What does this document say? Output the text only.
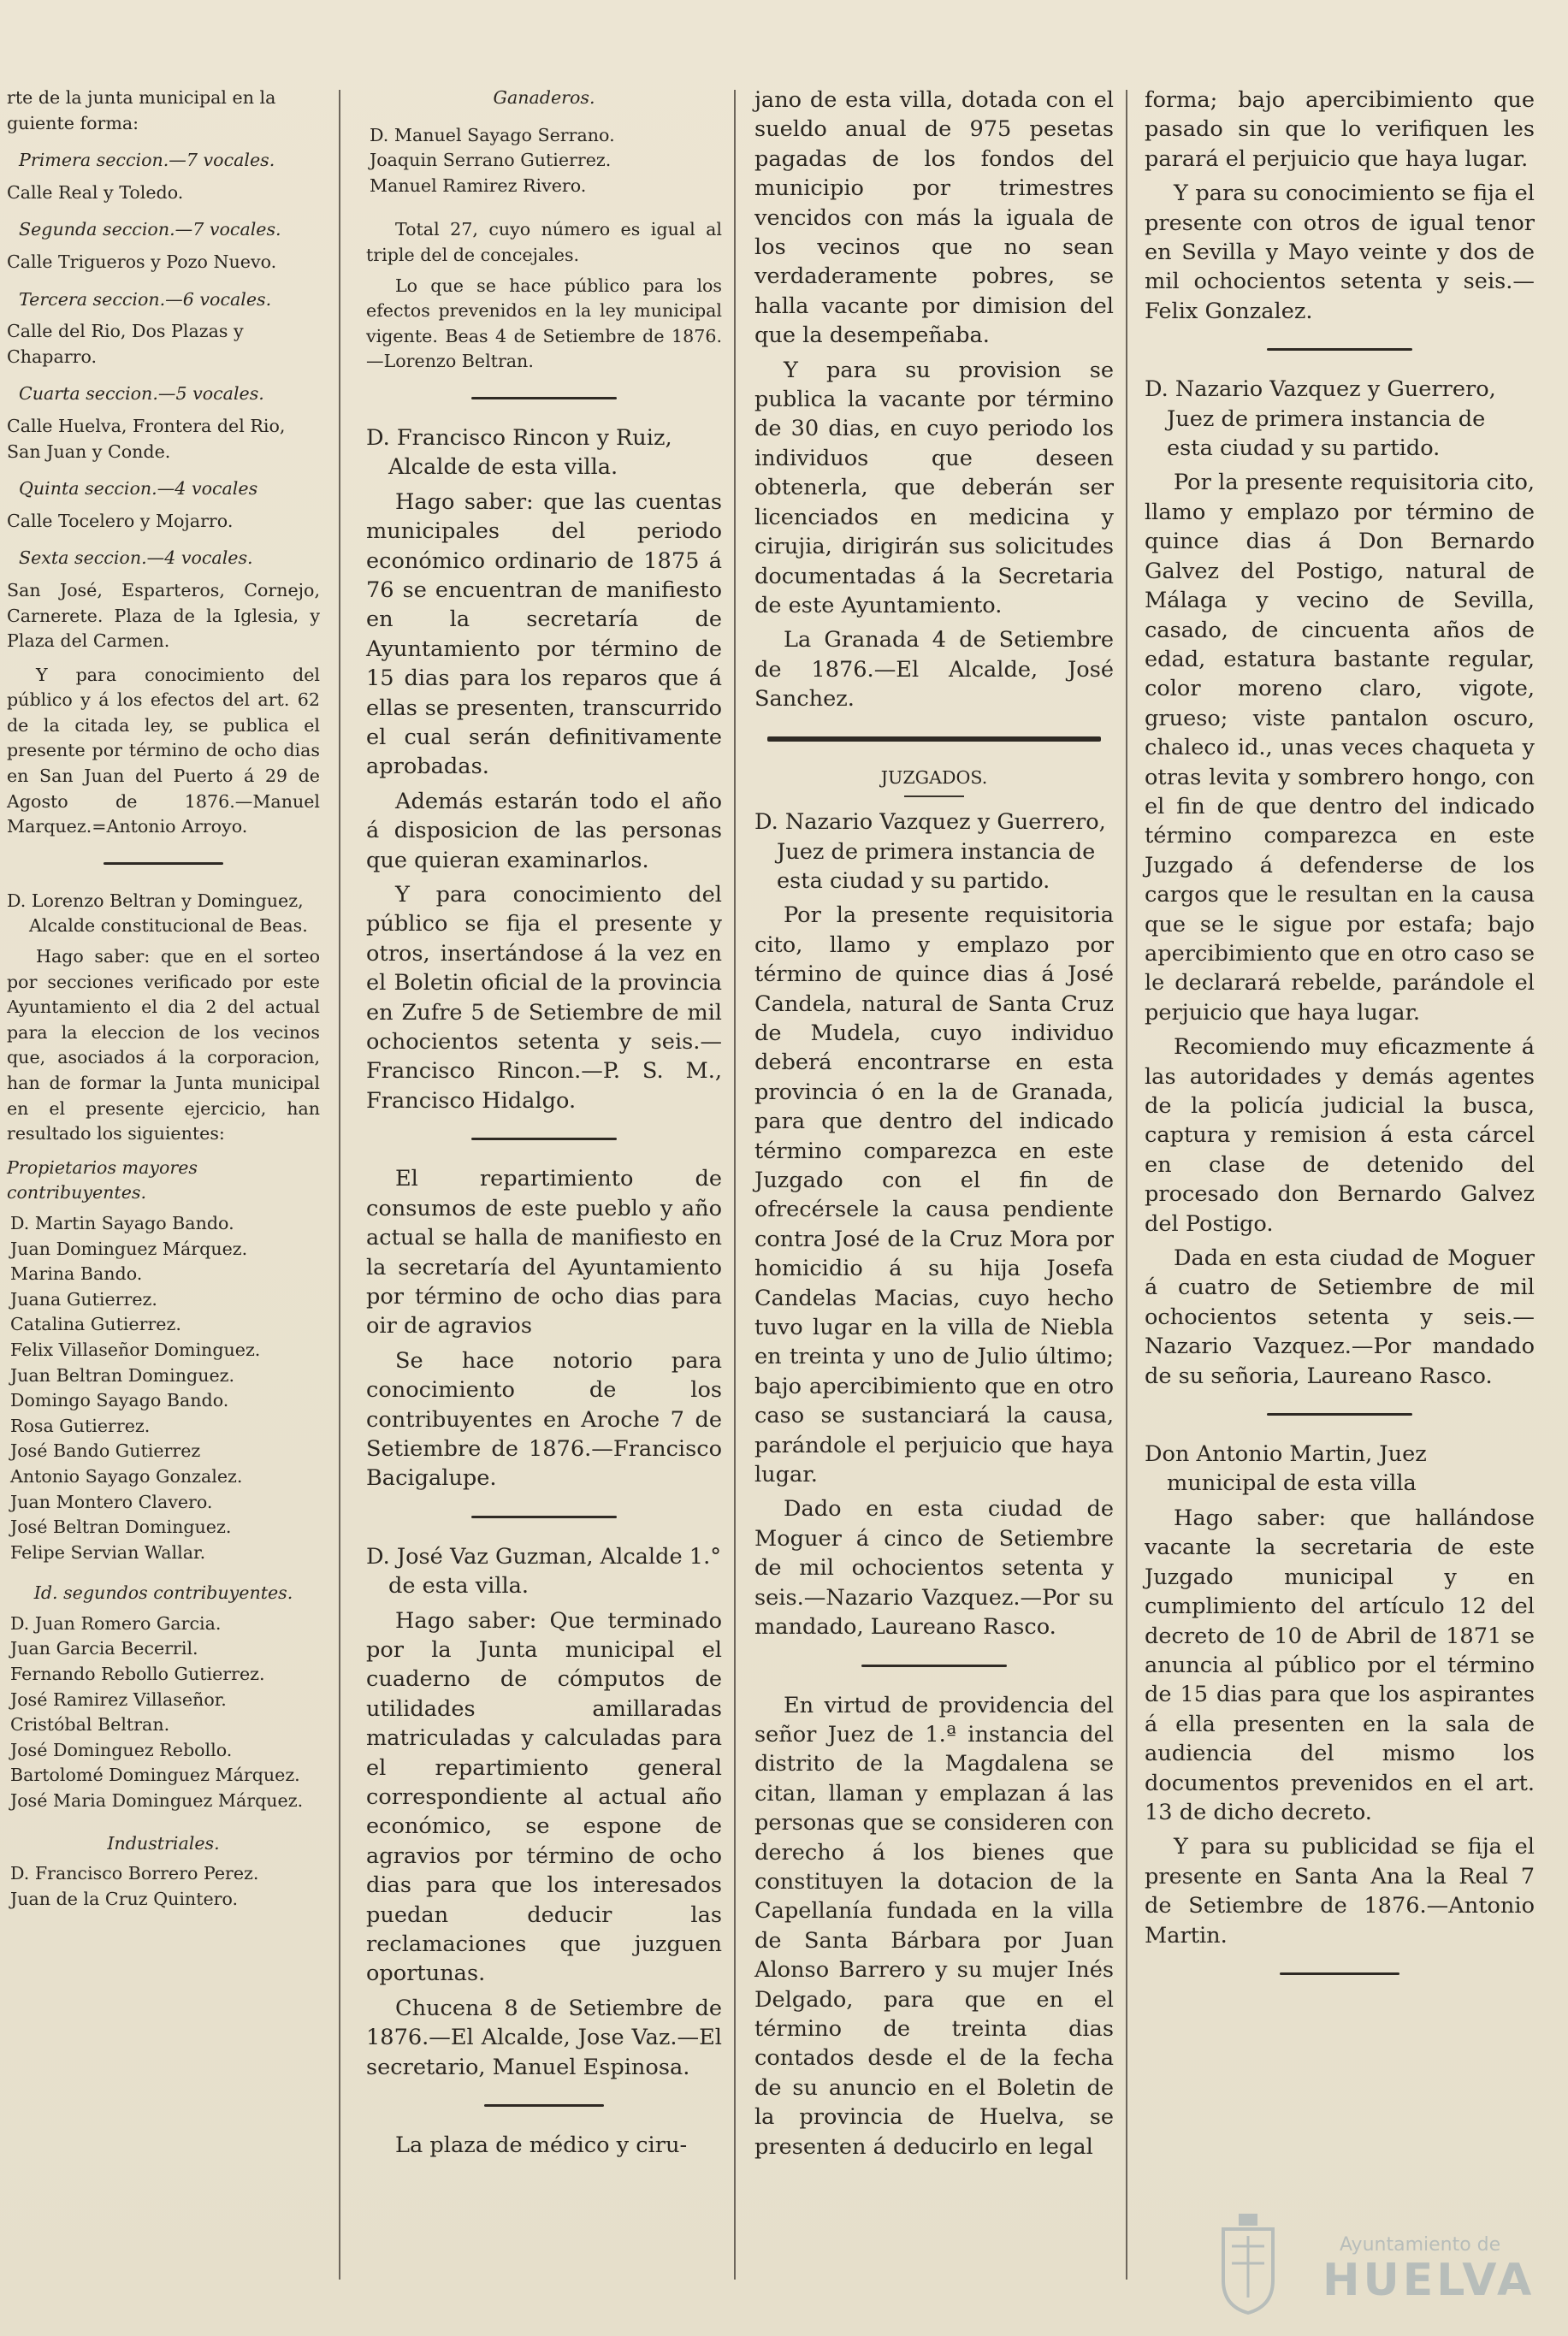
rte de la junta municipal en la guiente forma:

Primera seccion.—7 vocales.

Calle Real y Toledo.

Segunda seccion.—7 vocales.

Calle Trigueros y Pozo Nuevo.

Tercera seccion.—6 vocales.

Calle del Rio, Dos Plazas y Chaparro.

Cuarta seccion.—5 vocales.

Calle Huelva, Frontera del Rio, San Juan y Conde.

Quinta seccion.—4 vocales

Calle Tocelero y Mojarro.

Sexta seccion.—4 vocales.

San José, Esparteros, Cornejo, Carnerete. Plaza de la Iglesia, y Plaza del Carmen.

Y para conocimiento del público y á los efectos del art. 62 de la citada ley, se publica el presente por término de ocho dias en San Juan del Puerto á 29 de Agosto de 1876.—Manuel Marquez.=Antonio Arroyo.

D. Lorenzo Beltran y Dominguez, Alcalde constitucional de Beas.

Hago saber: que en el sorteo por secciones verificado por este Ayuntamiento el dia 2 del actual para la eleccion de los vecinos que, asociados á la corporacion, han de formar la Junta municipal en el presente ejercicio, han resultado los siguientes:

Propietarios mayores contribuyentes.

D. Martin Sayago Bando.

Juan Dominguez Márquez.

Marina Bando.

Juana Gutierrez.

Catalina Gutierrez.

Felix Villaseñor Dominguez.

Juan Beltran Dominguez.

Domingo Sayago Bando.

Rosa Gutierrez.

José Bando Gutierrez

Antonio Sayago Gonzalez.

Juan Montero Clavero.

José Beltran Dominguez.

Felipe Servian Wallar.

Id. segundos contribuyentes.

D. Juan Romero Garcia.

Juan Garcia Becerril.

Fernando Rebollo Gutierrez.

José Ramirez Villaseñor.

Cristóbal Beltran.

José Dominguez Rebollo.

Bartolomé Dominguez Márquez.

José Maria Dominguez Márquez.

Industriales.

D. Francisco Borrero Perez.

Juan de la Cruz Quintero.

Ganaderos.

D. Manuel Sayago Serrano.

Joaquin Serrano Gutierrez.

Manuel Ramirez Rivero.

Total 27, cuyo número es igual al triple del de concejales.

Lo que se hace público para los efectos prevenidos en la ley municipal vigente. Beas 4 de Setiembre de 1876.—Lorenzo Beltran.

D. Francisco Rincon y Ruiz, Alcalde de esta villa.

Hago saber: que las cuentas municipales del periodo económico ordinario de 1875 á 76 se encuentran de manifiesto en la secretaría de Ayuntamiento por término de 15 dias para los reparos que á ellas se presenten, transcurrido el cual serán definitivamente aprobadas.

Además estarán todo el año á disposicion de las personas que quieran examinarlos.

Y para conocimiento del público se fija el presente y otros, insertándose á la vez en el Boletin oficial de la provincia en Zufre 5 de Setiembre de mil ochocientos setenta y seis.—Francisco Rincon.—P. S. M., Francisco Hidalgo.

El repartimiento de consumos de este pueblo y año actual se halla de manifiesto en la secretaría del Ayuntamiento por término de ocho dias para oir de agravios

Se hace notorio para conocimiento de los contribuyentes en Aroche 7 de Setiembre de 1876.—Francisco Bacigalupe.

D. José Vaz Guzman, Alcalde 1.° de esta villa.

Hago saber: Que terminado por la Junta municipal el cuaderno de cómputos de utilidades amillaradas matriculadas y calculadas para el repartimiento general correspondiente al actual año económico, se espone de agravios por término de ocho dias para que los interesados puedan deducir las reclamaciones que juzguen oportunas.

Chucena 8 de Setiembre de 1876.—El Alcalde, Jose Vaz.—El secretario, Manuel Espinosa.

La plaza de médico y ciru-

jano de esta villa, dotada con el sueldo anual de 975 pesetas pagadas de los fondos del municipio por trimestres vencidos con más la iguala de los vecinos que no sean verdaderamente pobres, se halla vacante por dimision del que la desempeñaba.

Y para su provision se publica la vacante por término de 30 dias, en cuyo periodo los individuos que deseen obtenerla, que deberán ser licenciados en medicina y cirujia, dirigirán sus solicitudes documentadas á la Secretaria de este Ayuntamiento.

La Granada 4 de Setiembre de 1876.—El Alcalde, José Sanchez.

JUZGADOS.

D. Nazario Vazquez y Guerrero, Juez de primera instancia de esta ciudad y su partido.

Por la presente requisitoria cito, llamo y emplazo por término de quince dias á José Candela, natural de Santa Cruz de Mudela, cuyo individuo deberá encontrarse en esta provincia ó en la de Granada, para que dentro del indicado término comparezca en este Juzgado con el fin de ofrecérsele la causa pendiente contra José de la Cruz Mora por homicidio á su hija Josefa Candelas Macias, cuyo hecho tuvo lugar en la villa de Niebla en treinta y uno de Julio último; bajo apercibimiento que en otro caso se sustanciará la causa, parándole el perjuicio que haya lugar.

Dado en esta ciudad de Moguer á cinco de Setiembre de mil ochocientos setenta y seis.—Nazario Vazquez.—Por su mandado, Laureano Rasco.

En virtud de providencia del señor Juez de 1.ª instancia del distrito de la Magdalena se citan, llaman y emplazan á las personas que se consideren con derecho á los bienes que constituyen la dotacion de la Capellanía fundada en la villa de Santa Bárbara por Juan Alonso Barrero y su mujer Inés Delgado, para que en el término de treinta dias contados desde el de la fecha de su anuncio en el Boletin de la provincia de Huelva, se presenten á deducirlo en legal

forma; bajo apercibimiento que pasado sin que lo verifiquen les parará el perjuicio que haya lugar.

Y para su conocimiento se fija el presente con otros de igual tenor en Sevilla y Mayo veinte y dos de mil ochocientos setenta y seis.—Felix Gonzalez.

D. Nazario Vazquez y Guerrero, Juez de primera instancia de esta ciudad y su partido.

Por la presente requisitoria cito, llamo y emplazo por término de quince dias á Don Bernardo Galvez del Postigo, natural de Málaga y vecino de Sevilla, casado, de cincuenta años de edad, estatura bastante regular, color moreno claro, vigote, grueso; viste pantalon oscuro, chaleco id., unas veces chaqueta y otras levita y sombrero hongo, con el fin de que dentro del indicado término comparezca en este Juzgado á defenderse de los cargos que le resultan en la causa que se le sigue por estafa; bajo apercibimiento que en otro caso se le declarará rebelde, parándole el perjuicio que haya lugar.

Recomiendo muy eficazmente á las autoridades y demás agentes de la policía judicial la busca, captura y remision á esta cárcel en clase de detenido del procesado don Bernardo Galvez del Postigo.

Dada en esta ciudad de Moguer á cuatro de Setiembre de mil ochocientos setenta y seis.—Nazario Vazquez.—Por mandado de su señoria, Laureano Rasco.

Don Antonio Martin, Juez municipal de esta villa

Hago saber: que hallándose vacante la secretaria de este Juzgado municipal y en cumplimiento del artículo 12 del decreto de 10 de Abril de 1871 se anuncia al público por el término de 15 dias para que los aspirantes á ella presenten en la sala de audiencia del mismo los documentos prevenidos en el art. 13 de dicho decreto.

Y para su publicidad se fija el presente en Santa Ana la Real 7 de Setiembre de 1876.—Antonio Martin.

Ayuntamiento de
HUELVA
